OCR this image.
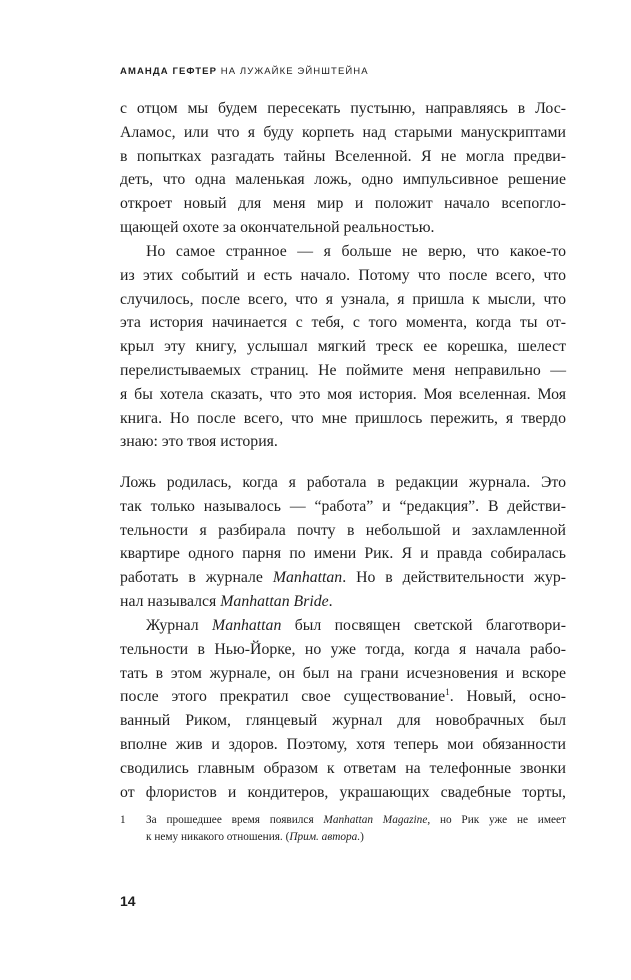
АМАНДА ГЕФТЕР НА ЛУЖАЙКЕ ЭЙНШТЕЙНА
с отцом мы будем пересекать пустыню, направляясь в Лос-
Аламос, или что я буду корпеть над старыми манускриптами
в попытках разгадать тайны Вселенной. Я не могла предви-
деть, что одна маленькая ложь, одно импульсивное решение
откроет новый для меня мир и положит начало всепогло-
щающей охоте за окончательной реальностью.
Но самое странное — я больше не верю, что какое-то
из этих событий и есть начало. Потому что после всего, что
случилось, после всего, что я узнала, я пришла к мысли, что
эта история начинается с тебя, с того момента, когда ты от-
крыл эту книгу, услышал мягкий треск ее корешка, шелест
перелистываемых страниц. Не поймите меня неправильно —
я бы хотела сказать, что это моя история. Моя вселенная. Моя
книга. Но после всего, что мне пришлось пережить, я твердо
знаю: это твоя история.
Ложь родилась, когда я работала в редакции журнала. Это
так только называлось — “работа” и “редакция”. В действи-
тельности я разбирала почту в небольшой и захламленной
квартире одного парня по имени Рик. Я и правда собиралась
работать в журнале Manhattan. Но в действительности жур-
нал назывался Manhattan Bride.
Журнал Manhattan был посвящен светской благотвори-
тельности в Нью-Йорке, но уже тогда, когда я начала рабо-
тать в этом журнале, он был на грани исчезновения и вскоре
после этого прекратил свое существование$^1$. Новый, осно-
ванный Риком, глянцевый журнал для новобрачных был
вполне жив и здоров. Поэтому, хотя теперь мои обязанности
сводились главным образом к ответам на телефонные звонки
от флористов и кондитеров, украшающих свадебные торты,
1 За прошедшее время появился Manhattan Magazine, но Рик уже не имеет
к нему никакого отношения. (Прим. автора.)
14
